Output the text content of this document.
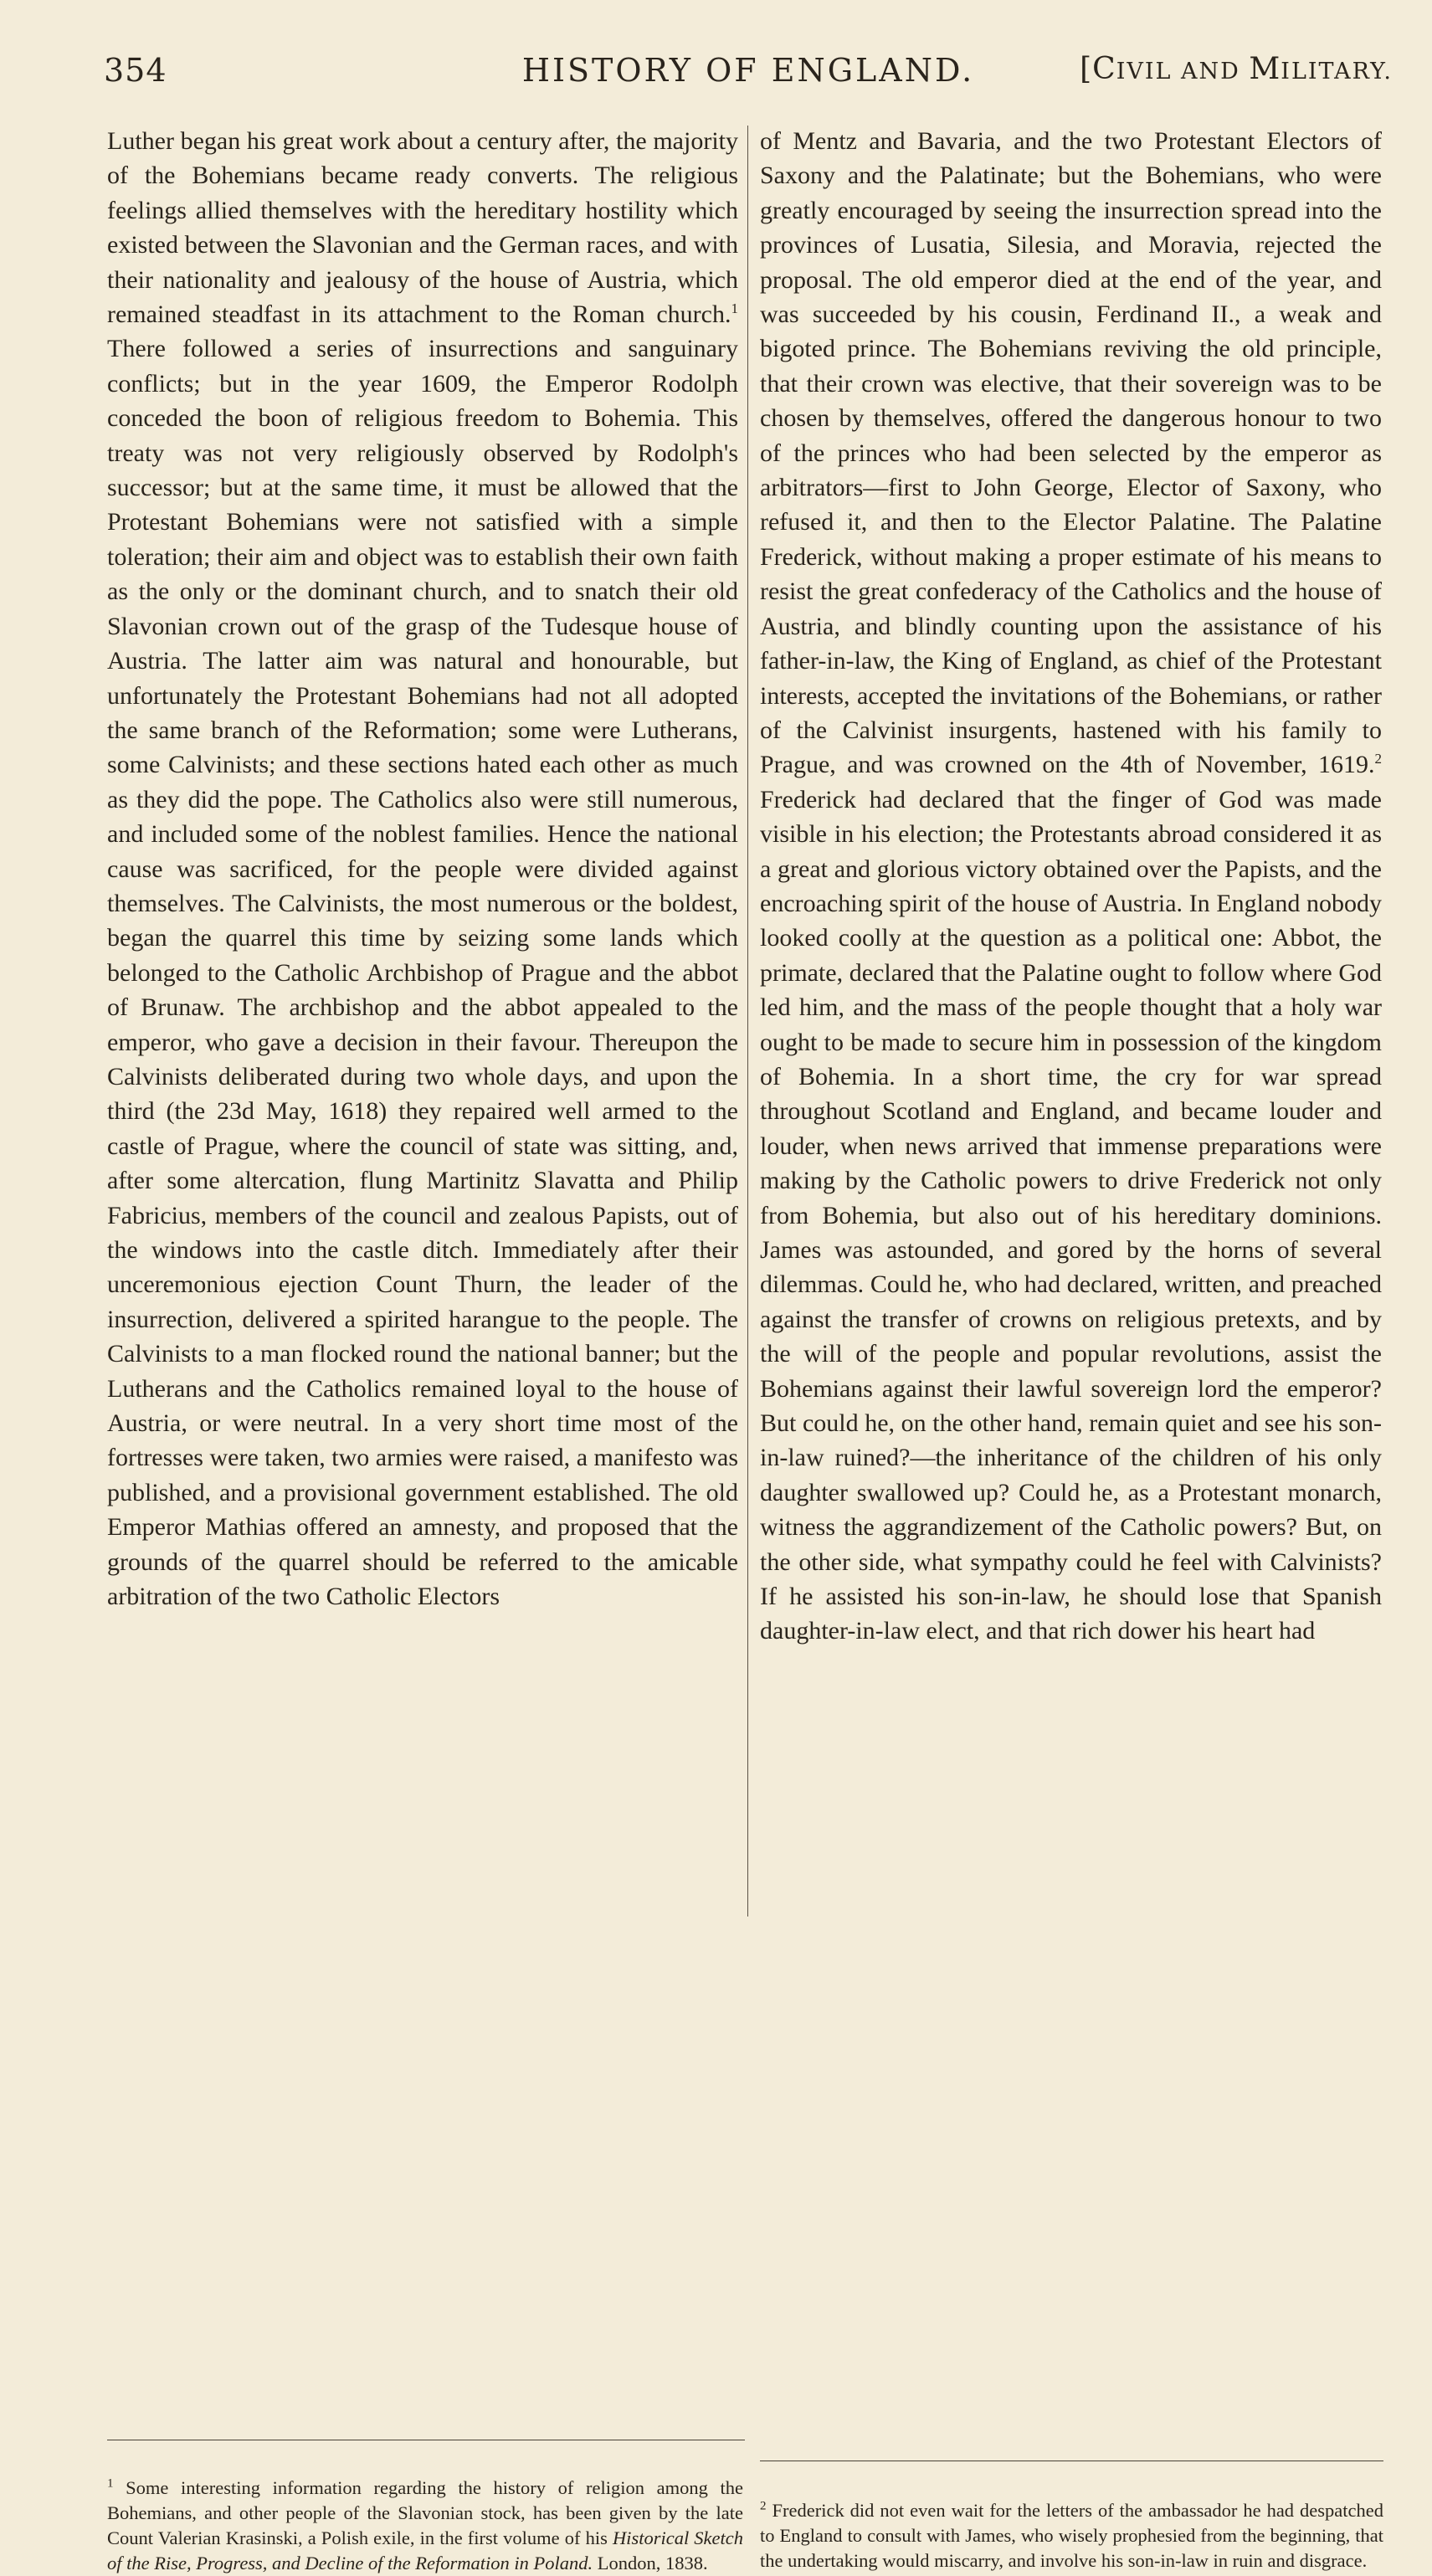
354	HISTORY OF ENGLAND.	[CIVIL AND MILITARY.

Luther began his great work about a century after, the majority of the Bohemians became ready converts. The religious feelings allied themselves with the hereditary hostility which existed between the Slavonian and the German races, and with their nationality and jealousy of the house of Austria, which remained steadfast in its attachment to the Roman church.$^1$ There followed a series of insurrections and sanguinary conflicts; but in the year 1609, the Emperor Rodolph conceded the boon of religious freedom to Bohemia. This treaty was not very religiously observed by Rodolph's successor; but at the same time, it must be allowed that the Protestant Bohemians were not satisfied with a simple toleration; their aim and object was to establish their own faith as the only or the dominant church, and to snatch their old Slavonian crown out of the grasp of the Tudesque house of Austria. The latter aim was natural and honourable, but unfortunately the Protestant Bohemians had not all adopted the same branch of the Reformation; some were Lutherans, some Calvinists; and these sections hated each other as much as they did the pope. The Catholics also were still numerous, and included some of the noblest families. Hence the national cause was sacrificed, for the people were divided against themselves. The Calvinists, the most numerous or the boldest, began the quarrel this time by seizing some lands which belonged to the Catholic Archbishop of Prague and the abbot of Brunaw. The archbishop and the abbot appealed to the emperor, who gave a decision in their favour. Thereupon the Calvinists deliberated during two whole days, and upon the third (the 23d May, 1618) they repaired well armed to the castle of Prague, where the council of state was sitting, and, after some altercation, flung Martinitz Slavatta and Philip Fabricius, members of the council and zealous Papists, out of the windows into the castle ditch. Immediately after their unceremonious ejection Count Thurn, the leader of the insurrection, delivered a spirited harangue to the people. The Calvinists to a man flocked round the national banner; but the Lutherans and the Catholics remained loyal to the house of Austria, or were neutral. In a very short time most of the fortresses were taken, two armies were raised, a manifesto was published, and a provisional government established. The old Emperor Mathias offered an amnesty, and proposed that the grounds of the quarrel should be referred to the amicable arbitration of the two Catholic Electors

of Mentz and Bavaria, and the two Protestant Electors of Saxony and the Palatinate; but the Bohemians, who were greatly encouraged by seeing the insurrection spread into the provinces of Lusatia, Silesia, and Moravia, rejected the proposal. The old emperor died at the end of the year, and was succeeded by his cousin, Ferdinand II., a weak and bigoted prince. The Bohemians reviving the old principle, that their crown was elective, that their sovereign was to be chosen by themselves, offered the dangerous honour to two of the princes who had been selected by the emperor as arbitrators—first to John George, Elector of Saxony, who refused it, and then to the Elector Palatine. The Palatine Frederick, without making a proper estimate of his means to resist the great confederacy of the Catholics and the house of Austria, and blindly counting upon the assistance of his father-in-law, the King of England, as chief of the Protestant interests, accepted the invitations of the Bohemians, or rather of the Calvinist insurgents, hastened with his family to Prague, and was crowned on the 4th of November, 1619.$^2$ Frederick had declared that the finger of God was made visible in his election; the Protestants abroad considered it as a great and glorious victory obtained over the Papists, and the encroaching spirit of the house of Austria. In England nobody looked coolly at the question as a political one: Abbot, the primate, declared that the Palatine ought to follow where God led him, and the mass of the people thought that a holy war ought to be made to secure him in possession of the kingdom of Bohemia. In a short time, the cry for war spread throughout Scotland and England, and became louder and louder, when news arrived that immense preparations were making by the Catholic powers to drive Frederick not only from Bohemia, but also out of his hereditary dominions. James was astounded, and gored by the horns of several dilemmas. Could he, who had declared, written, and preached against the transfer of crowns on religious pretexts, and by the will of the people and popular revolutions, assist the Bohemians against their lawful sovereign lord the emperor? But could he, on the other hand, remain quiet and see his son-in-law ruined?—the inheritance of the children of his only daughter swallowed up? Could he, as a Protestant monarch, witness the aggrandizement of the Catholic powers? But, on the other side, what sympathy could he feel with Calvinists? If he assisted his son-in-law, he should lose that Spanish daughter-in-law elect, and that rich dower his heart had

$^1$ Some interesting information regarding the history of religion among the Bohemians, and other people of the Slavonian stock, has been given by the late Count Valerian Krasinski, a Polish exile, in the first volume of his Historical Sketch of the Rise, Progress, and Decline of the Reformation in Poland. London, 1838.
$^2$ Frederick did not even wait for the letters of the ambassador he had despatched to England to consult with James, who wisely prophesied from the beginning, that the undertaking would miscarry, and involve his son-in-law in ruin and disgrace.
